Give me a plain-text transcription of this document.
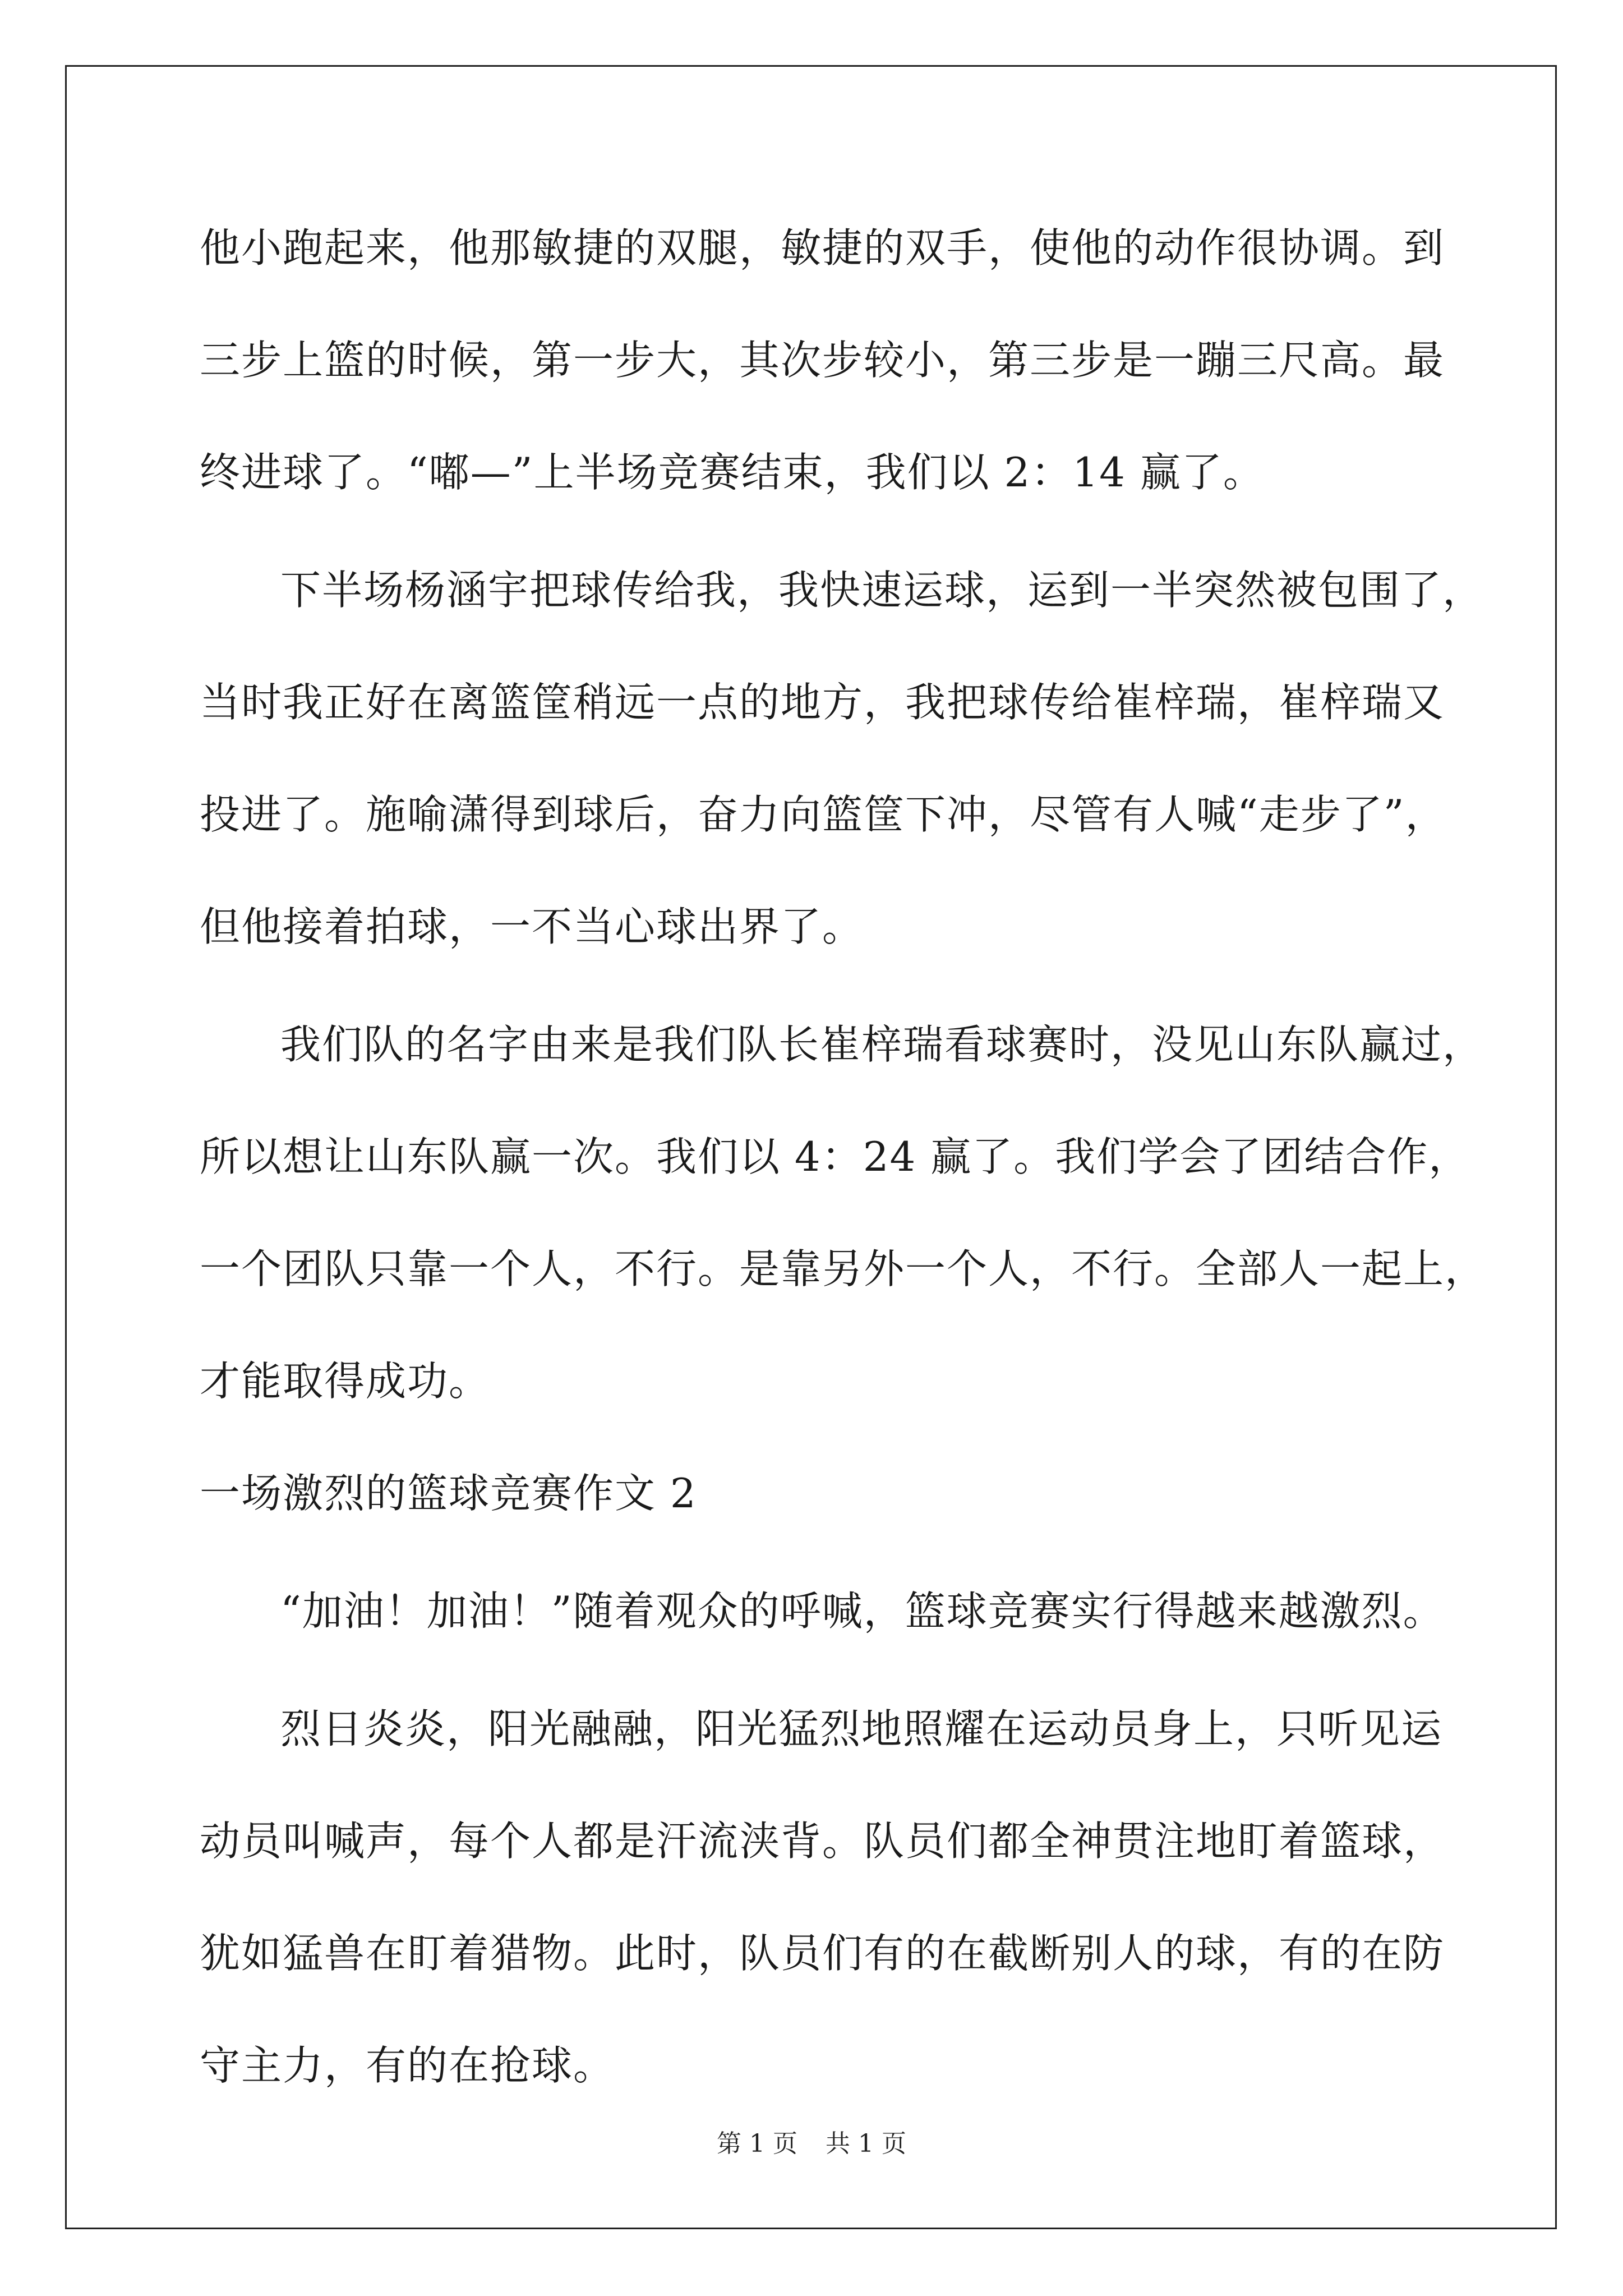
他小跑起来，他那敏捷的双腿，敏捷的双手，使他的动作很协调。到
三步上篮的时候，第一步大，其次步较小，第三步是一蹦三尺高。最
终进球了。“嘟—”上半场竞赛结束，我们以 2：14 赢了。
下半场杨涵宇把球传给我，我快速运球，运到一半突然被包围了，
当时我正好在离篮筐稍远一点的地方，我把球传给崔梓瑞，崔梓瑞又
投进了。施喻潇得到球后，奋力向篮筐下冲，尽管有人喊“走步了”，
但他接着拍球，一不当心球出界了。
我们队的名字由来是我们队长崔梓瑞看球赛时，没见山东队赢过，
所以想让山东队赢一次。我们以 4：24 赢了。我们学会了团结合作，
一个团队只靠一个人，不行。是靠另外一个人，不行。全部人一起上，
才能取得成功。
一场激烈的篮球竞赛作文 2
“加油！加油！”随着观众的呼喊，篮球竞赛实行得越来越激烈。
烈日炎炎，阳光融融，阳光猛烈地照耀在运动员身上，只听见运
动员叫喊声，每个人都是汗流浃背。队员们都全神贯注地盯着篮球，
犹如猛兽在盯着猎物。此时，队员们有的在截断别人的球，有的在防
守主力，有的在抢球。
第 1 页 共 1 页
